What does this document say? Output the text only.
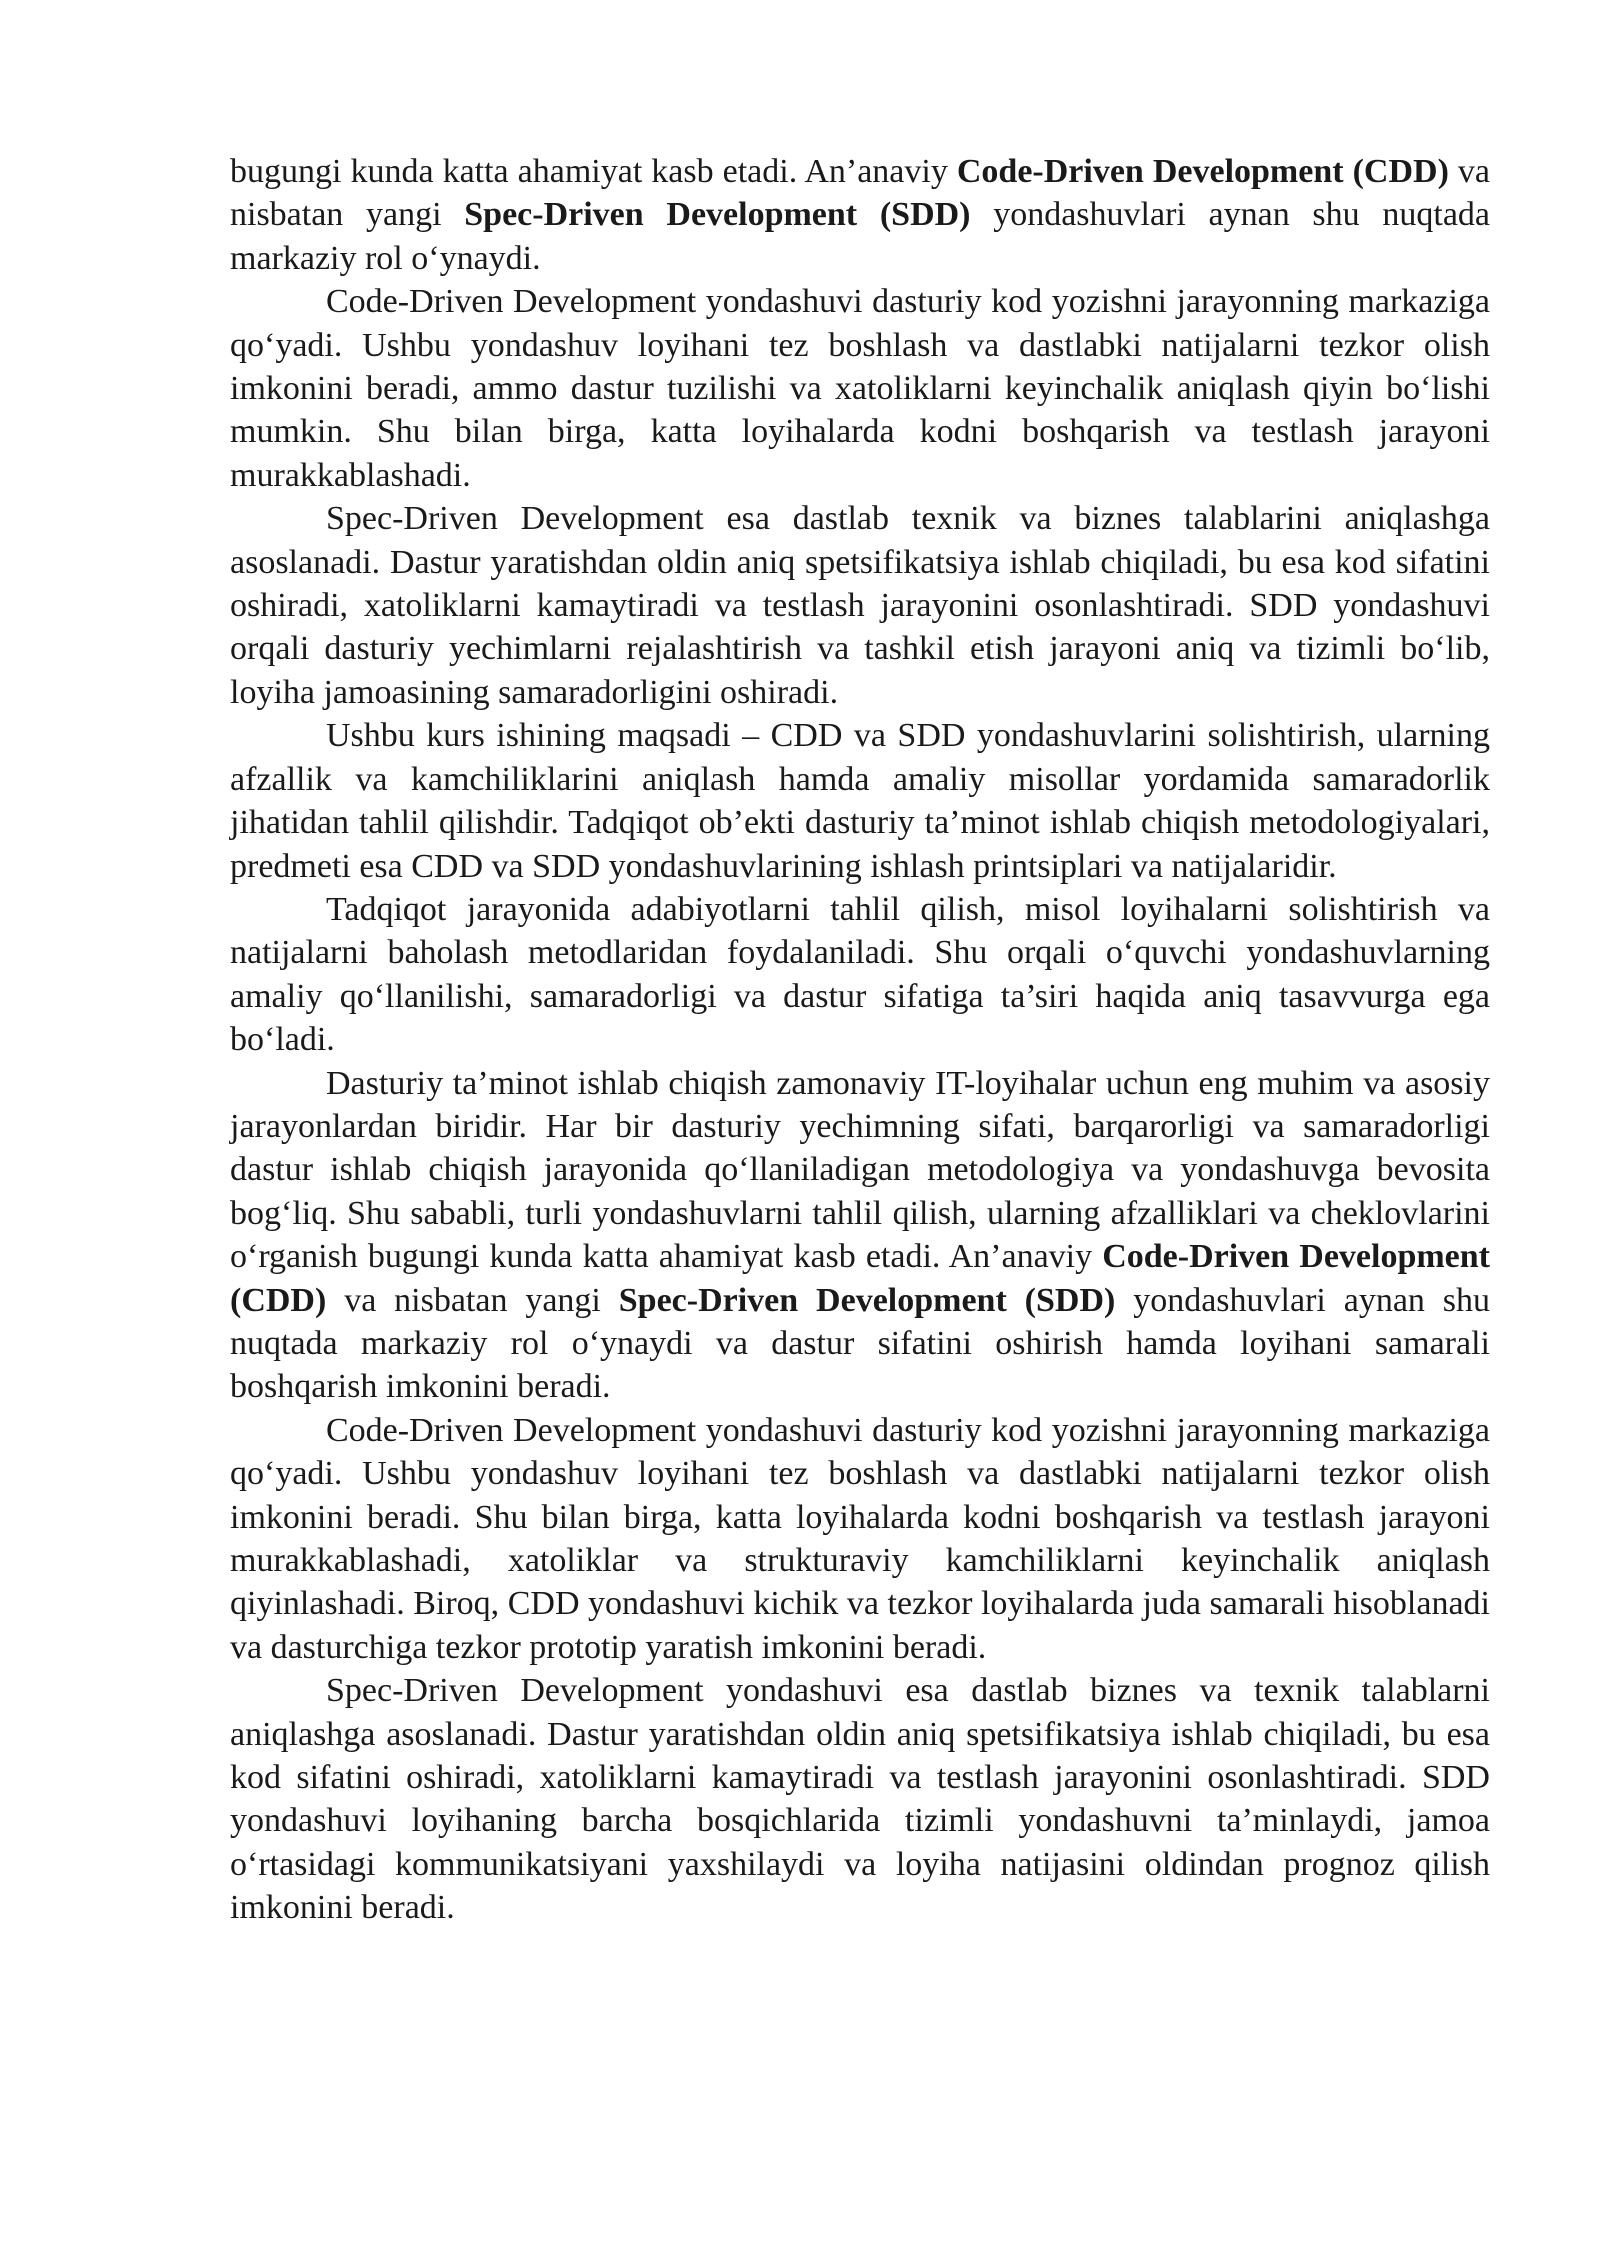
bugungi kunda katta ahamiyat kasb etadi. An’anaviy Code-Driven Development (CDD) va nisbatan yangi Spec-Driven Development (SDD) yondashuvlari aynan shu nuqtada markaziy rol o‘ynaydi.

Code-Driven Development yondashuvi dasturiy kod yozishni jarayonning markaziga qo‘yadi. Ushbu yondashuv loyihani tez boshlash va dastlabki natijalarni tezkor olish imkonini beradi, ammo dastur tuzilishi va xatoliklarni keyinchalik aniqlash qiyin bo‘lishi mumkin. Shu bilan birga, katta loyihalarda kodni boshqarish va testlash jarayoni murakkablashadi.

Spec-Driven Development esa dastlab texnik va biznes talablarini aniqlashga asoslanadi. Dastur yaratishdan oldin aniq spetsifikatsiya ishlab chiqiladi, bu esa kod sifatini oshiradi, xatoliklarni kamaytiradi va testlash jarayonini osonlashtiradi. SDD yondashuvi orqali dasturiy yechimlarni rejalashtirish va tashkil etish jarayoni aniq va tizimli bo‘lib, loyiha jamoasining samaradorligini oshiradi.

Ushbu kurs ishining maqsadi – CDD va SDD yondashuvlarini solishtirish, ularning afzallik va kamchiliklarini aniqlash hamda amaliy misollar yordamida samaradorlik jihatidan tahlil qilishdir. Tadqiqot ob’ekti dasturiy ta’minot ishlab chiqish metodologiyalari, predmeti esa CDD va SDD yondashuvlarining ishlash printsiplari va natijalaridir.

Tadqiqot jarayonida adabiyotlarni tahlil qilish, misol loyihalarni solishtirish va natijalarni baholash metodlaridan foydalaniladi. Shu orqali o‘quvchi yondashuvlarning amaliy qo‘llanilishi, samaradorligi va dastur sifatiga ta’siri haqida aniq tasavvurga ega bo‘ladi.

Dasturiy ta’minot ishlab chiqish zamonaviy IT-loyihalar uchun eng muhim va asosiy jarayonlardan biridir. Har bir dasturiy yechimning sifati, barqarorligi va samaradorligi dastur ishlab chiqish jarayonida qo‘llaniladigan metodologiya va yondashuvga bevosita bog‘liq. Shu sababli, turli yondashuvlarni tahlil qilish, ularning afzalliklari va cheklovlarini o‘rganish bugungi kunda katta ahamiyat kasb etadi. An’anaviy Code-Driven Development (CDD) va nisbatan yangi Spec-Driven Development (SDD) yondashuvlari aynan shu nuqtada markaziy rol o‘ynaydi va dastur sifatini oshirish hamda loyihani samarali boshqarish imkonini beradi.

Code-Driven Development yondashuvi dasturiy kod yozishni jarayonning markaziga qo‘yadi. Ushbu yondashuv loyihani tez boshlash va dastlabki natijalarni tezkor olish imkonini beradi. Shu bilan birga, katta loyihalarda kodni boshqarish va testlash jarayoni murakkablashadi, xatoliklar va strukturaviy kamchiliklarni keyinchalik aniqlash qiyinlashadi. Biroq, CDD yondashuvi kichik va tezkor loyihalarda juda samarali hisoblanadi va dasturchiga tezkor prototip yaratish imkonini beradi.

Spec-Driven Development yondashuvi esa dastlab biznes va texnik talablarni aniqlashga asoslanadi. Dastur yaratishdan oldin aniq spetsifikatsiya ishlab chiqiladi, bu esa kod sifatini oshiradi, xatoliklarni kamaytiradi va testlash jarayonini osonlashtiradi. SDD yondashuvi loyihaning barcha bosqichlarida tizimli yondashuvni ta’minlaydi, jamoa o‘rtasidagi kommunikatsiyani yaxshilaydi va loyiha natijasini oldindan prognoz qilish imkonini beradi.
